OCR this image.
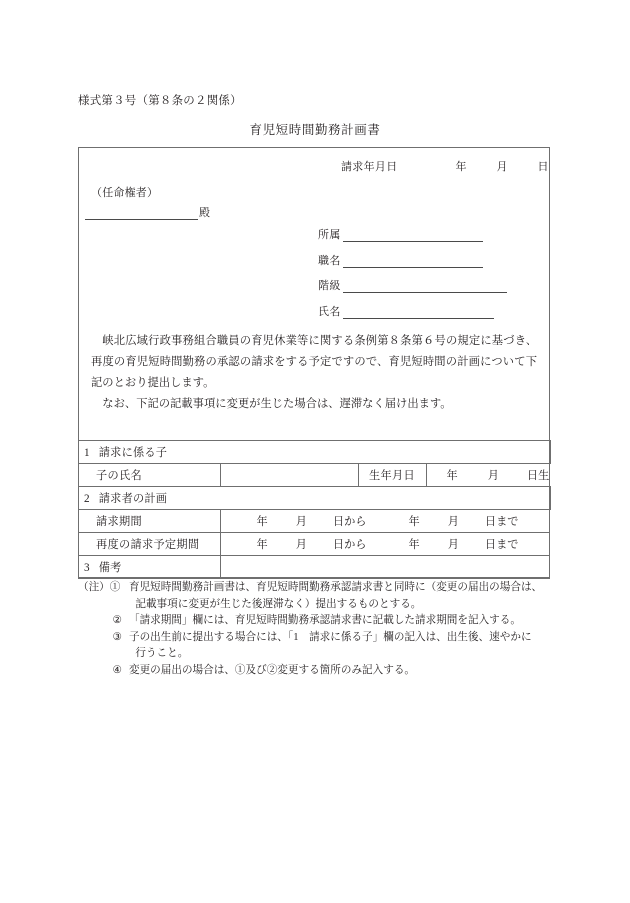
様式第３号（第８条の２関係）
育児短時間勤務計画書
請求年月日	年	月	日
（任命権者）
殿
所属
職名
階級
氏名

峡北広域行政事務組合職員の育児休業等に関する条例第８条第６号の規定に基づき、再度の育児短時間勤務の承認の請求をする予定ですので、育児短時間の計画について下記のとおり提出します。

なお、下記の記載事項に変更が生じた場合は、遅滞なく届け出ます。

1 請求に係る子			
子の氏名		生年月日	年 月 日生

2 請求者の計画			
請求期間	年	月 日から	年	月 日まで

再度の請求予定期間	年	月 日から	年	月 日まで

3 備考			
（注）① 育児短時間勤務計画書は、育児短時間勤務承認請求書と同時に（変更の届出の場合は、
記載事項に変更が生じた後遅滞なく）提出するものとする。
② 「請求期間」欄には、育児短時間勤務承認請求書に記載した請求期間を記入する。
③ 子の出生前に提出する場合には、「1　請求に係る子」欄の記入は、出生後、速やかに
行うこと。
④ 変更の届出の場合は、①及び②変更する箇所のみ記入する。
